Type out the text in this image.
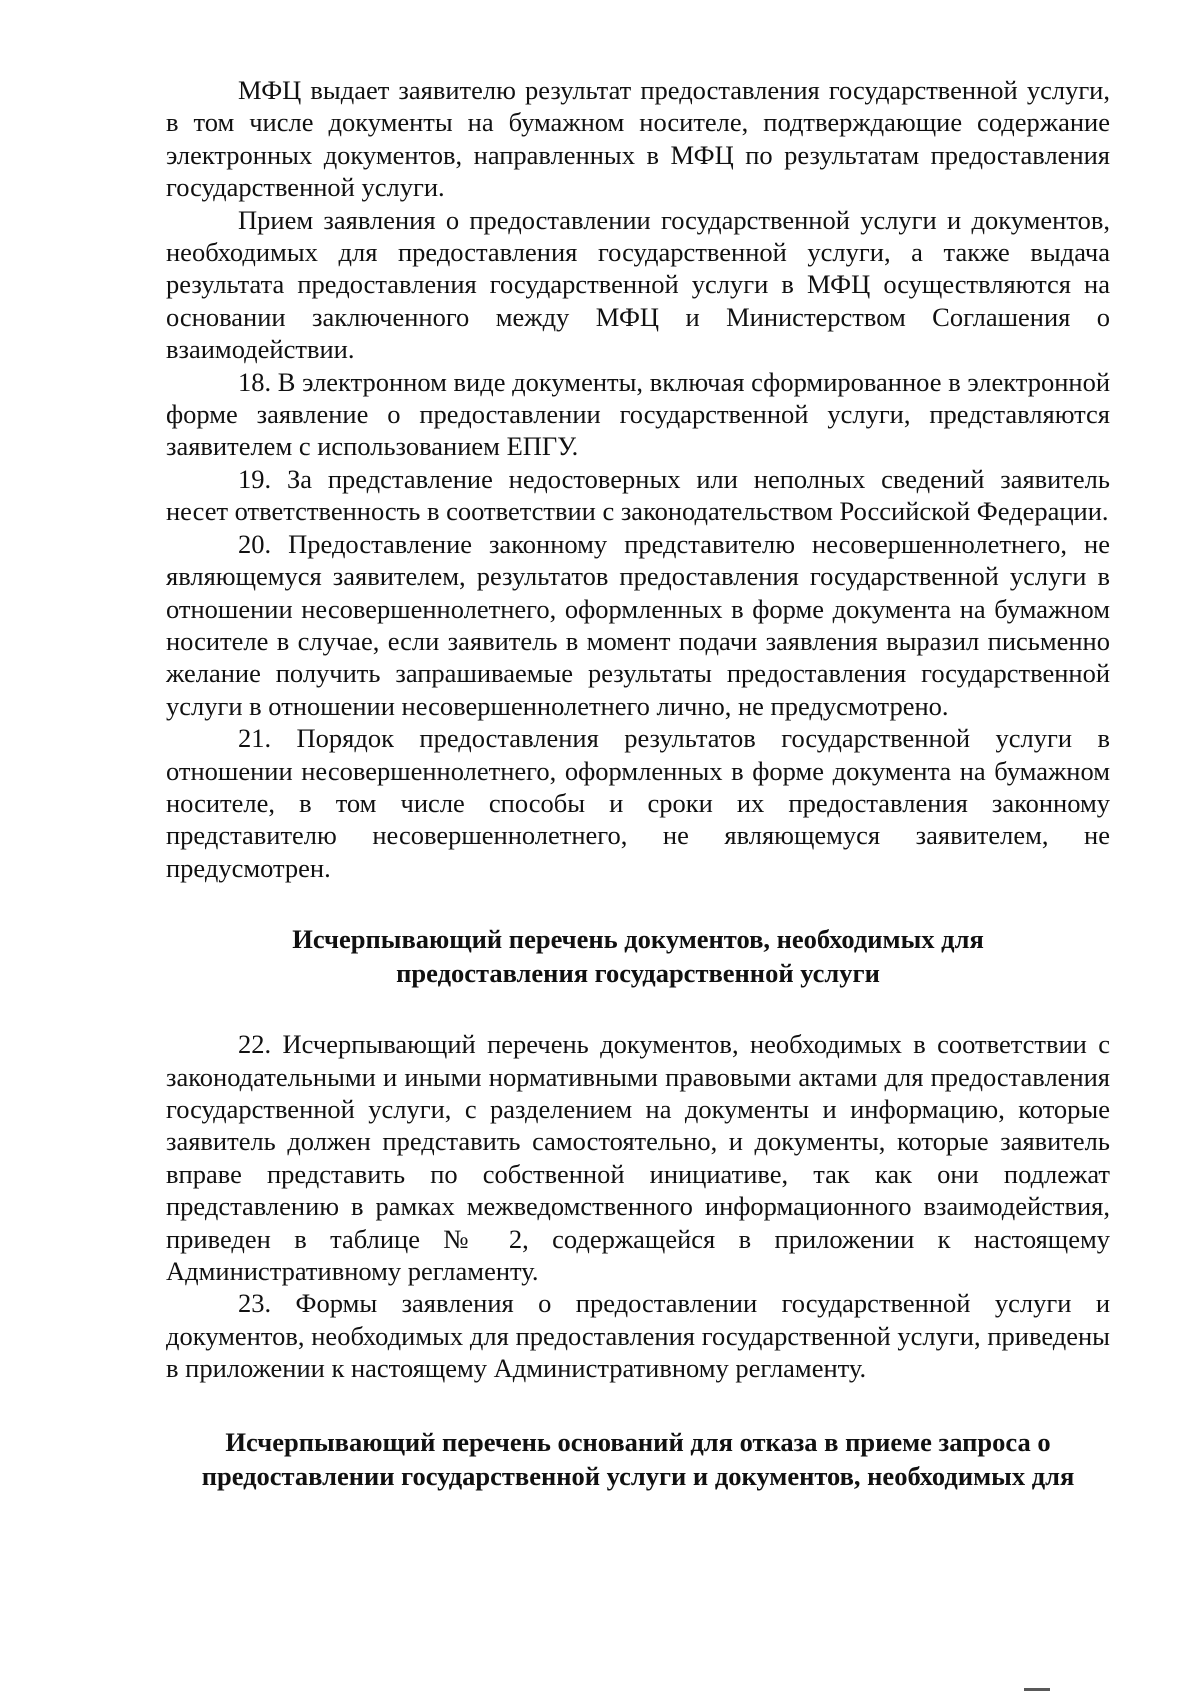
МФЦ выдает заявителю результат предоставления государственной услуги, в том числе документы на бумажном носителе, подтверждающие содержание электронных документов, направленных в МФЦ по результатам предоставления государственной услуги.

Прием заявления о предоставлении государственной услуги и документов, необходимых для предоставления государственной услуги, а также выдача результата предоставления государственной услуги в МФЦ осуществляются на основании заключенного между МФЦ и Министерством Соглашения о взаимодействии.

18. В электронном виде документы, включая сформированное в электронной форме заявление о предоставлении государственной услуги, представляются заявителем с использованием ЕПГУ.

19. За представление недостоверных или неполных сведений заявитель несет ответственность в соответствии с законодательством Российской Федерации.

20. Предоставление законному представителю несовершеннолетнего, не являющемуся заявителем, результатов предоставления государственной услуги в отношении несовершеннолетнего, оформленных в форме документа на бумажном носителе в случае, если заявитель в момент подачи заявления выразил письменно желание получить запрашиваемые результаты предоставления государственной услуги в отношении несовершеннолетнего лично, не предусмотрено.

21. Порядок предоставления результатов государственной услуги в отношении несовершеннолетнего, оформленных в форме документа на бумажном носителе, в том числе способы и сроки их предоставления законному представителю несовершеннолетнего, не являющемуся заявителем, не предусмотрен.

Исчерпывающий перечень документов, необходимых для
предоставления государственной услуги

22. Исчерпывающий перечень документов, необходимых в соответствии с законодательными и иными нормативными правовыми актами для предоставления государственной услуги, с разделением на документы и информацию, которые заявитель должен представить самостоятельно, и документы, которые заявитель вправе представить по собственной инициативе, так как они подлежат представлению в рамках межведомственного информационного взаимодействия, приведен в таблице № 2, содержащейся в приложении к настоящему Административному регламенту.

23. Формы заявления о предоставлении государственной услуги и документов, необходимых для предоставления государственной услуги, приведены в приложении к настоящему Административному регламенту.

Исчерпывающий перечень оснований для отказа в приеме запроса о
предоставлении государственной услуги и документов, необходимых для
